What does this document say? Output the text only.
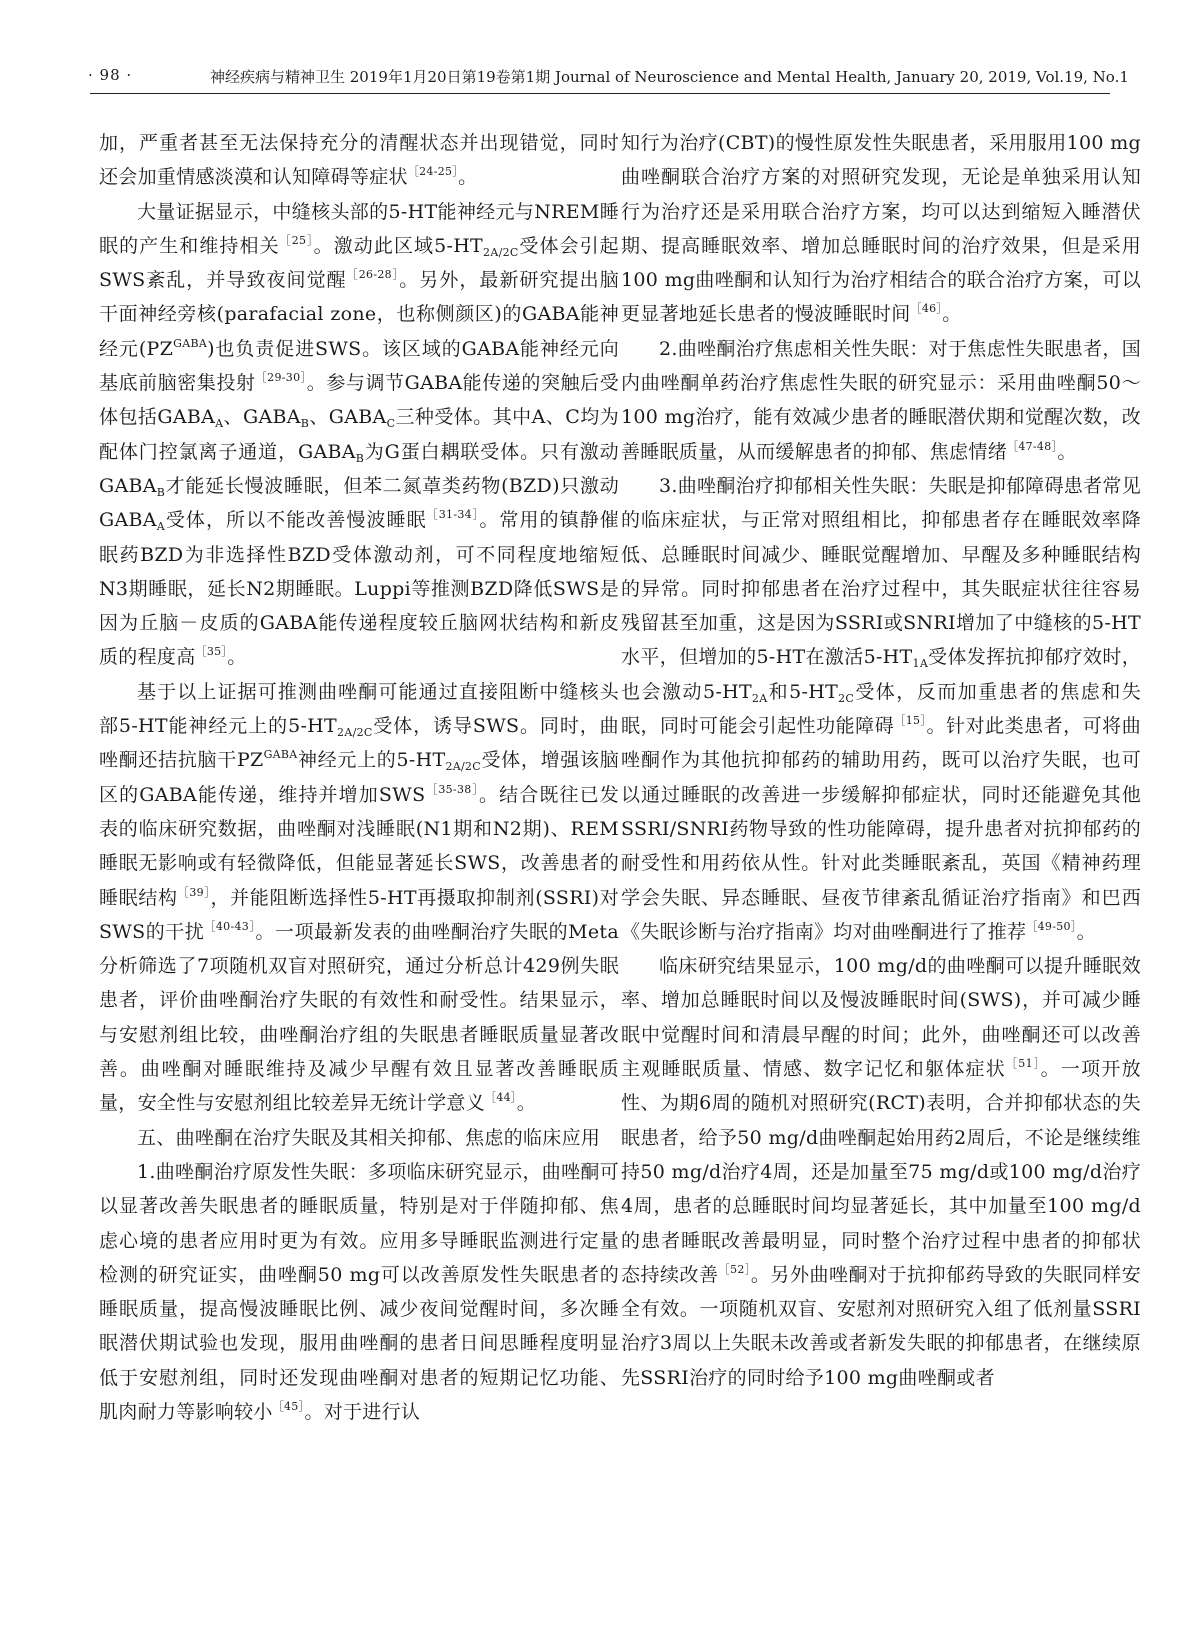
· 98 ·	神经疾病与精神卫生 2019年1月20日第19卷第1期 Journal of Neuroscience and Mental Health, January 20, 2019, Vol.19, No.1

加，严重者甚至无法保持充分的清醒状态并出现错觉，同时还会加重情感淡漠和认知障碍等症状$^{[24-25]}$。

大量证据显示，中缝核头部的5-HT能神经元与NREM睡眠的产生和维持相关$^{[25]}$。激动此区域$5-HT_{2A/2C}$受体会引起SWS紊乱，并导致夜间觉醒$^{[26-28]}$。另外，最新研究提出脑干面神经旁核(parafacial zone，也称侧颜区)的GABA能神经元$(PZ^{GABA})$也负责促进SWS。该区域的GABA能神经元向基底前脑密集投射$^{[29-30]}$。参与调节GABA能传递的突触后受体包括$GABA_A$、$GABA_B$、$GABA_C$三种受体。其中A、C均为配体门控氯离子通道，$GABA_B$为G蛋白耦联受体。只有激动$GABA_B$才能延长慢波睡眠，但苯二氮䓬类药物(BZD)只激动$GABA_A$受体，所以不能改善慢波睡眠$^{[31-34]}$。常用的镇静催眠药BZD为非选择性BZD受体激动剂，可不同程度地缩短N3期睡眠，延长N2期睡眠。Luppi等推测BZD降低SWS是因为丘脑－皮质的GABA能传递程度较丘脑网状结构和新皮质的程度高$^{[35]}$。

基于以上证据可推测曲唑酮可能通过直接阻断中缝核头部5-HT能神经元上的$5-HT_{2A/2C}$受体，诱导SWS。同时，曲唑酮还拮抗脑干$PZ^{GABA}$神经元上的$5-HT_{2A/2C}$受体，增强该脑区的GABA能传递，维持并增加$SWS^{[35-38]}$。结合既往已发表的临床研究数据，曲唑酮对浅睡眠(N1期和N2期)、REM睡眠无影响或有轻微降低，但能显著延长SWS，改善患者的睡眠结构$^{[39]}$，并能阻断选择性5-HT再摄取抑制剂(SSRI)对SWS的干扰$^{[40-43]}$。一项最新发表的曲唑酮治疗失眠的Meta分析筛选了7项随机双盲对照研究，通过分析总计429例失眠患者，评价曲唑酮治疗失眠的有效性和耐受性。结果显示，与安慰剂组比较，曲唑酮治疗组的失眠患者睡眠质量显著改善。曲唑酮对睡眠维持及减少早醒有效且显著改善睡眠质量，安全性与安慰剂组比较差异无统计学意义$^{[44]}$。

五、曲唑酮在治疗失眠及其相关抑郁、焦虑的临床应用

1.曲唑酮治疗原发性失眠：多项临床研究显示，曲唑酮可以显著改善失眠患者的睡眠质量，特别是对于伴随抑郁、焦虑心境的患者应用时更为有效。应用多导睡眠监测进行定量检测的研究证实，曲唑酮50 mg可以改善原发性失眠患者的睡眠质量，提高慢波睡眠比例、减少夜间觉醒时间，多次睡眠潜伏期试验也发现，服用曲唑酮的患者日间思睡程度明显低于安慰剂组，同时还发现曲唑酮对患者的短期记忆功能、肌肉耐力等影响较小$^{[45]}$。对于进行认

知行为治疗(CBT)的慢性原发性失眠患者，采用服用100 mg曲唑酮联合治疗方案的对照研究发现，无论是单独采用认知行为治疗还是采用联合治疗方案，均可以达到缩短入睡潜伏期、提高睡眠效率、增加总睡眠时间的治疗效果，但是采用100 mg曲唑酮和认知行为治疗相结合的联合治疗方案，可以更显著地延长患者的慢波睡眠时间$^{[46]}$。

2.曲唑酮治疗焦虑相关性失眠：对于焦虑性失眠患者，国内曲唑酮单药治疗焦虑性失眠的研究显示：采用曲唑酮50～100 mg治疗，能有效减少患者的睡眠潜伏期和觉醒次数，改善睡眠质量，从而缓解患者的抑郁、焦虑情绪$^{[47-48]}$。

3.曲唑酮治疗抑郁相关性失眠：失眠是抑郁障碍患者常见的临床症状，与正常对照组相比，抑郁患者存在睡眠效率降低、总睡眠时间减少、睡眠觉醒增加、早醒及多种睡眠结构的异常。同时抑郁患者在治疗过程中，其失眠症状往往容易残留甚至加重，这是因为SSRI或SNRI增加了中缝核的5-HT水平，但增加的5-HT在激活$5-HT_{1A}$受体发挥抗抑郁疗效时，也会激动$5-HT_{2A}$和$5-HT_{2C}$受体，反而加重患者的焦虑和失眠，同时可能会引起性功能障碍$^{[15]}$。针对此类患者，可将曲唑酮作为其他抗抑郁药的辅助用药，既可以治疗失眠，也可以通过睡眠的改善进一步缓解抑郁症状，同时还能避免其他SSRI/SNRI药物导致的性功能障碍，提升患者对抗抑郁药的耐受性和用药依从性。针对此类睡眠紊乱，英国《精神药理学会失眠、异态睡眠、昼夜节律紊乱循证治疗指南》和巴西《失眠诊断与治疗指南》均对曲唑酮进行了推荐$^{[49-50]}$。

临床研究结果显示，100 mg/d的曲唑酮可以提升睡眠效率、增加总睡眠时间以及慢波睡眠时间(SWS)，并可减少睡眠中觉醒时间和清晨早醒的时间；此外，曲唑酮还可以改善主观睡眠质量、情感、数字记忆和躯体症状$^{[51]}$。一项开放性、为期6周的随机对照研究(RCT)表明，合并抑郁状态的失眠患者，给予50 mg/d曲唑酮起始用药2周后，不论是继续维持50 mg/d治疗4周，还是加量至75 mg/d或100 mg/d治疗4周，患者的总睡眠时间均显著延长，其中加量至100 mg/d的患者睡眠改善最明显，同时整个治疗过程中患者的抑郁状态持续改善$^{[52]}$。另外曲唑酮对于抗抑郁药导致的失眠同样安全有效。一项随机双盲、安慰剂对照研究入组了低剂量SSRI治疗3周以上失眠未改善或者新发失眠的抑郁患者，在继续原先SSRI治疗的同时给予100 mg曲唑酮或者
